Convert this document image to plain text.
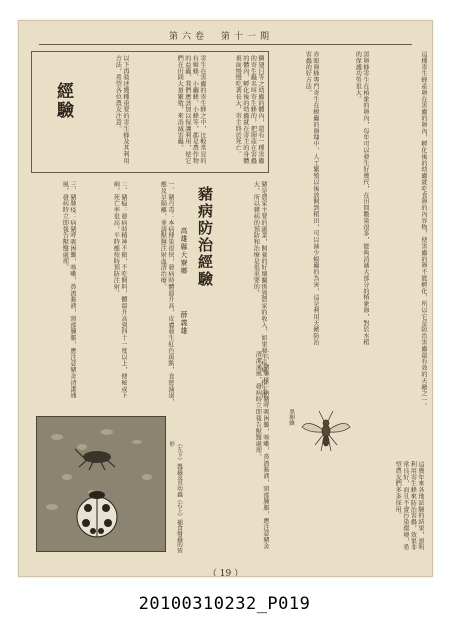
第六卷　第十一期
這種寄生蜂產卵在害蟲的卵內，孵化後的幼蟲就吃食卵的內容物，使害蟲的卵不能孵化，所以它是防治害蟲最有效的天敵之一。
黑卵蜂寄生在椿象的卵內，每年可以發生好幾代，在田間數量很多，能夠消滅大部分的椿象卵，對於水稻的保護功勞很大。
赤眼卵蜂專門寄生在螟蟲的卵塊中，人工繁殖以後放飼到稻田，可以減少螟蟲的為害，這是利用天敵防治害蟲的好方法。
這幾年來各地試驗的結果，證明利用寄生蜂來防治害蟲，效果非常良好，而且不會污染環境，希望農友們多多採用。
黑卵蜂
經驗	鱗翅目等之幼蟲的體內，還有一種害蟲的寄生蟲名叫寄生蜂的，把卵產在害蟲的體內，孵化後的幼蟲就在寄主的身體裏面慢慢吃著長大，寄主終於死亡。
寄生在害蟲的寄生蜂之中，比較常見的有姬蜂、小繭蜂、小蜂等，都是農作物的益蟲，我們應該加以保護利用，使它們在田間大量繁殖，來消滅害蟲。
以下再敍述幾種重要的寄生蜂及其利用方法，希望各位農友注意。
豬病防治經驗
高雄縣大寮鄉
薛義雄	豬是農家主要的副業，飼養的好壞關係到農家的收入，如果發生疾病，損失很大，所以豬病的預防和治療是很重要的。
一、豬丹毒：本病傳染很快，發病時體溫升高，皮膚發生紅色斑點，食慾減退，應及早隔離，並請獸醫注射血清治療。
二、豬瘟：發病時精神不振，不吃飼料，體溫升高到四十一度以上，便秘或下痢，死亡率很高，平時應按時預防注射。
三、豬肺疫：病豬呼吸困難，咳嗽，鼻流黏液，頸部腫脹，應注意豬舍清潔通風，發病時立即報告獸醫處理。
三、豬肺疫：病豬呼吸困難，咳嗽，鼻流黏液，頸部腫脹，應注意豬舍清潔通風，發病時立即報告獸醫處理。
（左下）瓢蟲及其幼蟲（右上）捕食蚜蟲的情形
（ 19 ）
20100310232_P019
